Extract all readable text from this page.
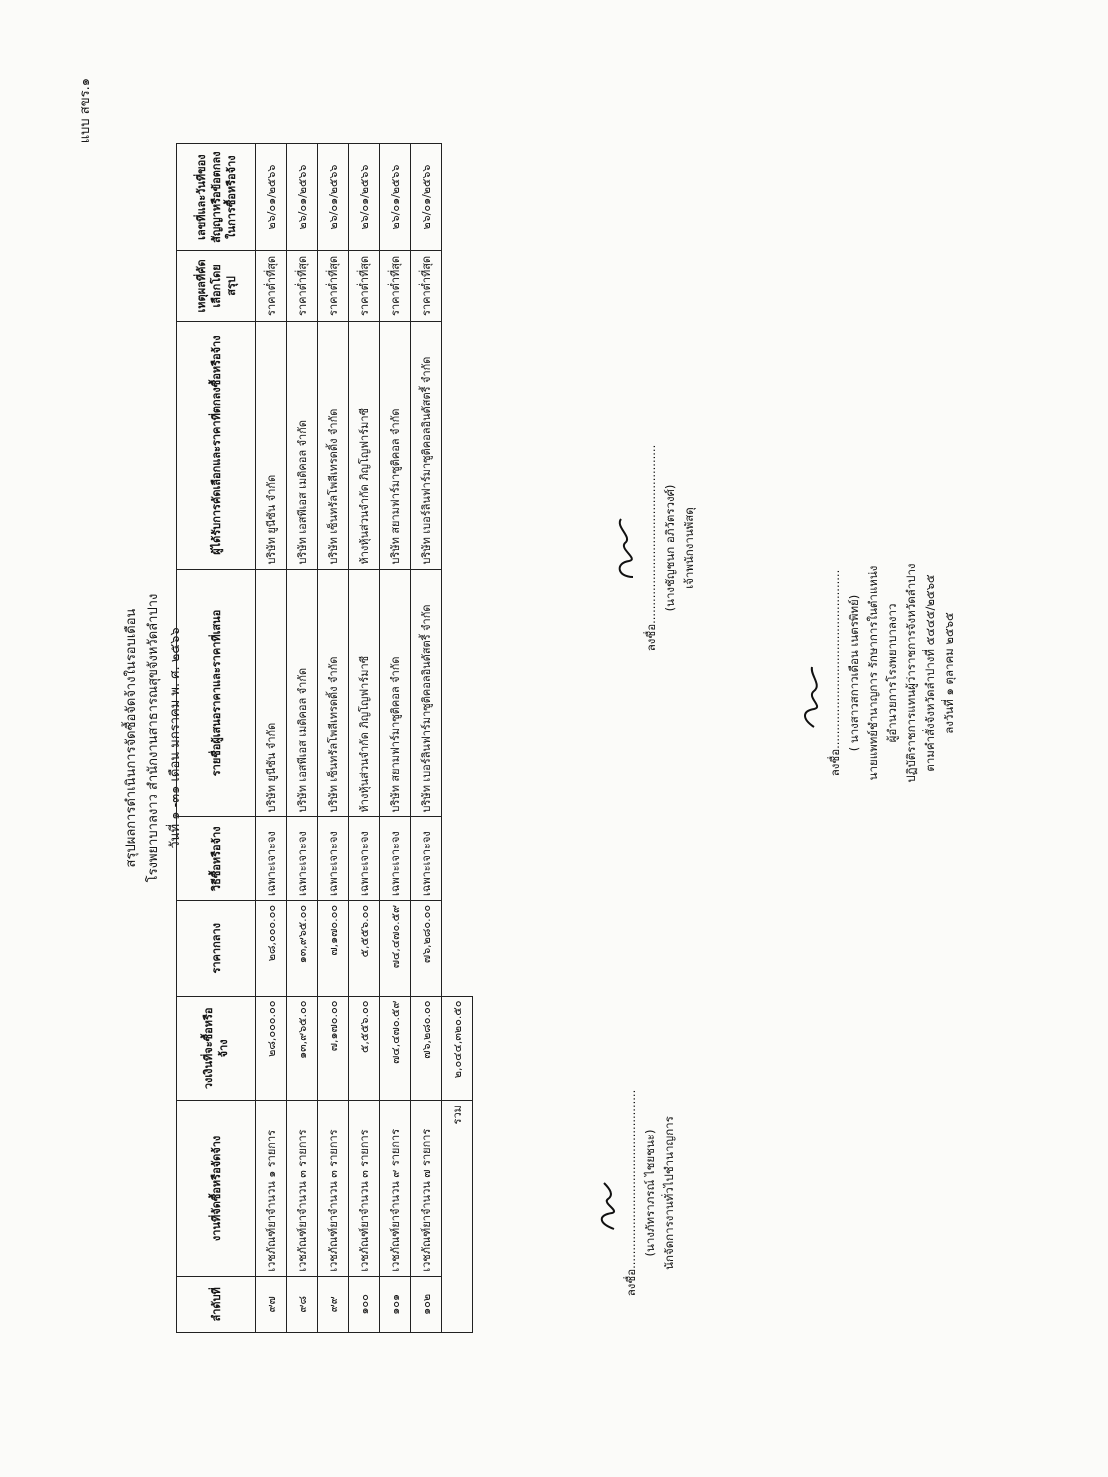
แบบ สขร.๑
สรุปผลการดำเนินการจัดซื้อจัดจ้างในรอบเดือน โรงพยาบาลงาว สำนักงานสาธารณสุขจังหวัดลำปาง วันที่ ๑ -๓๑ เดือน มกราคม พ. ศ. ๒๕๖๖
ลำดับที่	งานที่จัดซื้อหรือจัดจ้าง	วงเงินที่จะซื้อหรือจ้าง	ราคากลาง	วิธีซื้อหรือจ้าง	รายชื่อผู้เสนอราคาและราคาที่เสนอ	ผู้ได้รับการคัดเลือกและราคาที่ตกลงซื้อหรือจ้าง	เหตุผลที่คัดเลือกโดยสรุป	เลขที่และวันที่ของสัญญาหรือข้อตกลงในการซื้อหรือจ้าง
๙๗	เวชภัณฑ์ยาจำนวน ๑ รายการ	๒๘,๐๐๐.๐๐	๒๘,๐๐๐.๐๐	เฉพาะเจาะจง	บริษัท ยูนีซัน จำกัด	บริษัท ยูนีซัน จำกัด	ราคาต่ำที่สุด	๒๖/๐๑/๒๕๖๖
๙๘	เวชภัณฑ์ยาจำนวน ๓ รายการ	๑๓,๙๖๕.๐๐	๑๓,๙๖๕.๐๐	เฉพาะเจาะจง	บริษัท เอสพีเอส เมดิคอล จำกัด	บริษัท เอสพีเอส เมดิคอล จำกัด	ราคาต่ำที่สุด	๒๖/๐๑/๒๕๖๖
๙๙	เวชภัณฑ์ยาจำนวน ๓ รายการ	๗,๑๗๐.๐๐	๗,๑๗๐.๐๐	เฉพาะเจาะจง	บริษัท เซ็นทรัลโพลีเทรดดิ้ง จำกัด	บริษัท เซ็นทรัลโพลีเทรดดิ้ง จำกัด	ราคาต่ำที่สุด	๒๖/๐๑/๒๕๖๖
๑๐๐	เวชภัณฑ์ยาจำนวน ๓ รายการ	๕,๕๕๖.๐๐	๕,๕๕๖.๐๐	เฉพาะเจาะจง	ห้างหุ้นส่วนจำกัด ภิญโญฟาร์มาซี	ห้างหุ้นส่วนจำกัด ภิญโญฟาร์มาซี	ราคาต่ำที่สุด	๒๖/๐๑/๒๕๖๖
๑๐๑	เวชภัณฑ์ยาจำนวน ๙ รายการ	๗๔,๔๗๐.๕๙	๗๔,๔๗๐.๕๙	เฉพาะเจาะจง	บริษัท สยามฟาร์มาซูติคอล จำกัด	บริษัท สยามฟาร์มาซูติคอล จำกัด	ราคาต่ำที่สุด	๒๖/๐๑/๒๕๖๖
๑๐๒	เวชภัณฑ์ยาจำนวน ๗ รายการ	๗๖,๒๘๐.๐๐	๗๖,๒๘๐.๐๐	เฉพาะเจาะจง	บริษัท เบอร์ลินฟาร์มาซูติคอลอินดัสตรี้ จำกัด	บริษัท เบอร์ลินฟาร์มาซูติคอลอินดัสตรี้ จำกัด	ราคาต่ำที่สุด	๒๖/๐๑/๒๕๖๖
รวม		๒,๐๔๔,๓๒๐.๕๐						
ลงชื่อ................................................. (นางภัทราภรณ์ ไชยชนะ) นักจัดการงานทั่วไปชำนาญการ
ลงชื่อ................................................. (นางชัญชนก อภิวัตรวงศ์) เจ้าพนักงานพัสดุ
ลงชื่อ................................................. ( นางสาวสกาวเดือน เนตรพิทย์) นายแพทย์ชำนาญการ รักษาการในตำแหน่ง ผู้อำนวยการโรงพยาบาลงาว ปฏิบัติราชการแทนผู้ว่าราชการจังหวัดลำปาง ตามคำสั่งจังหวัดลำปางที่ ๕๔๔๕/๒๕๖๕ ลงวันที่ ๑ ตุลาคม ๒๕๖๕
